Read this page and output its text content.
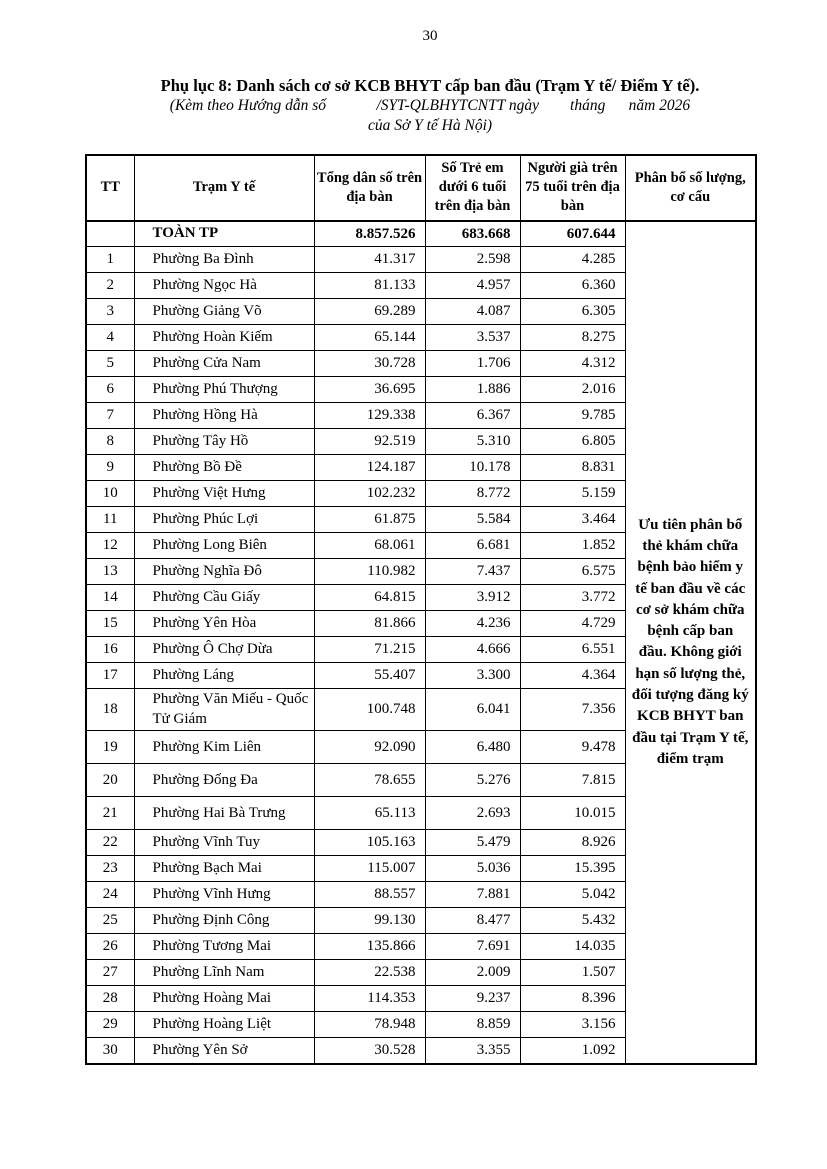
30
Phụ lục 8: Danh sách cơ sở KCB BHYT cấp ban đầu (Trạm Y tế/ Điểm Y tế).
(Kèm theo Hướng dẫn số             /SYT-QLBHYTCNTT ngày        tháng      năm 2026
của Sở Y tế Hà Nội)
TT	Trạm Y tế	Tổng dân số trên địa bàn	Số Trẻ em dưới 6 tuổi trên địa bàn	Người già trên 75 tuổi trên địa bàn	Phân bổ số lượng, cơ cấu
	TOÀN TP	8.857.526	683.668	607.644	Ưu tiên phân bổ thẻ khám chữa bệnh bảo hiểm y tế ban đầu về các cơ sở khám chữa bệnh cấp ban đầu. Không giới hạn số lượng thẻ, đối tượng đăng ký KCB BHYT ban đầu tại Trạm Y tế, điểm trạm
1	Phường Ba Đình	41.317	2.598	4.285	
2	Phường Ngọc Hà	81.133	4.957	6.360	
3	Phường Giảng Võ	69.289	4.087	6.305	
4	Phường Hoàn Kiếm	65.144	3.537	8.275	
5	Phường Cửa Nam	30.728	1.706	4.312	
6	Phường Phú Thượng	36.695	1.886	2.016	
7	Phường Hồng Hà	129.338	6.367	9.785	
8	Phường Tây Hồ	92.519	5.310	6.805	
9	Phường Bồ Đề	124.187	10.178	8.831	
10	Phường Việt Hưng	102.232	8.772	5.159	
11	Phường Phúc Lợi	61.875	5.584	3.464	
12	Phường Long Biên	68.061	6.681	1.852	
13	Phường Nghĩa Đô	110.982	7.437	6.575	
14	Phường Cầu Giấy	64.815	3.912	3.772	
15	Phường Yên Hòa	81.866	4.236	4.729	
16	Phường Ô Chợ Dừa	71.215	4.666	6.551	
17	Phường Láng	55.407	3.300	4.364	
18	Phường Văn Miếu - Quốc Tử Giám	100.748	6.041	7.356	
19	Phường Kim Liên	92.090	6.480	9.478	
20	Phường Đống Đa	78.655	5.276	7.815	
21	Phường Hai Bà Trưng	65.113	2.693	10.015	
22	Phường Vĩnh Tuy	105.163	5.479	8.926	
23	Phường Bạch Mai	115.007	5.036	15.395	
24	Phường Vĩnh Hưng	88.557	7.881	5.042	
25	Phường Định Công	99.130	8.477	5.432	
26	Phường Tương Mai	135.866	7.691	14.035	
27	Phường Lĩnh Nam	22.538	2.009	1.507	
28	Phường Hoàng Mai	114.353	9.237	8.396	
29	Phường Hoàng Liệt	78.948	8.859	3.156	
30	Phường Yên Sở	30.528	3.355	1.092	
